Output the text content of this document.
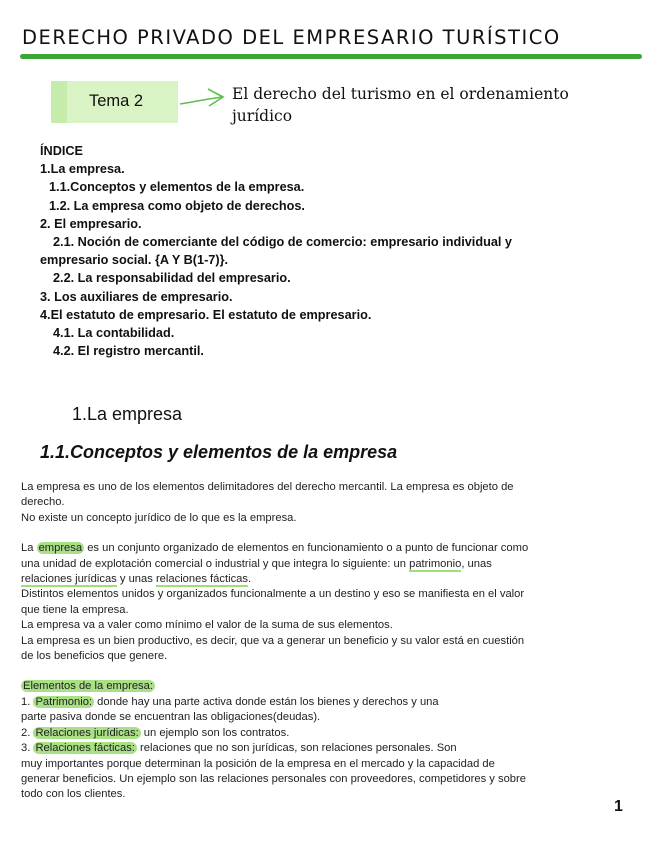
DERECHO PRIVADO DEL EMPRESARIO TURÍSTICO
Tema 2	El derecho del turismo en el ordenamiento jurídico
ÍNDICE
1.La empresa.
1.1.Conceptos y elementos de la empresa.
1.2. La empresa como objeto de derechos.
2. El empresario.
2.1. Noción de comerciante del código de comercio: empresario individual y
empresario social. {A Y B(1-7)}.
2.2. La responsabilidad del empresario.
3. Los auxiliares de empresario.
4.El estatuto de empresario. El estatuto de empresario.
4.1. La contabilidad.
4.2. El registro mercantil.
1.La empresa
1.1.Conceptos y elementos de la empresa

La empresa es uno de los elementos delimitadores del derecho mercantil. La empresa es objeto de

derecho.

No existe un concepto jurídico de lo que es la empresa.

La empresa es un conjunto organizado de elementos en funcionamiento o a punto de funcionar como

una unidad de explotación comercial o industrial y que integra lo siguiente: un patrimonio, unas

relaciones jurídicas y unas relaciones fácticas.

Distintos elementos unidos y organizados funcionalmente a un destino y eso se manifiesta en el valor

que tiene la empresa.

La empresa va a valer como mínimo el valor de la suma de sus elementos.

La empresa es un bien productivo, es decir, que va a generar un beneficio y su valor está en cuestión

de los beneficios que genere.

Elementos de la empresa:

1. Patrimonio: donde hay una parte activa donde están los bienes y derechos y una

parte pasiva donde se encuentran las obligaciones(deudas).

2. Relaciones jurídicas: un ejemplo son los contratos.

3. Relaciones fácticas: relaciones que no son jurídicas, son relaciones personales. Son

muy importantes porque determinan la posición de la empresa en el mercado y la capacidad de

generar beneficios. Un ejemplo son las relaciones personales con proveedores, competidores y sobre

todo con los clientes.

1
